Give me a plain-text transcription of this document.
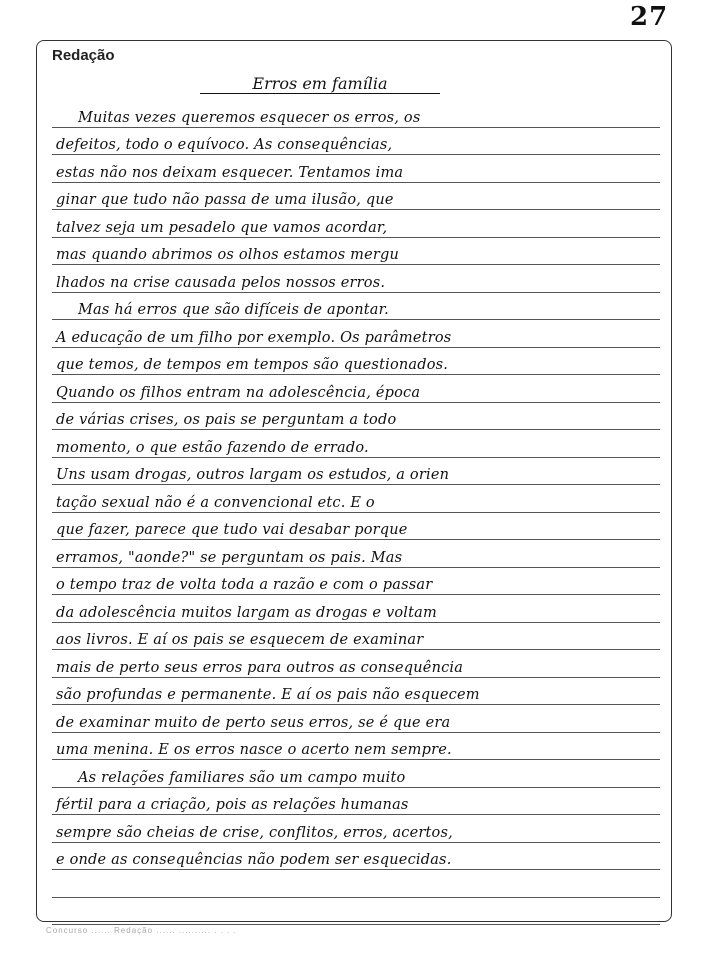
27
Redação
Erros em família
Muitas vezes queremos esquecer os erros, os
defeitos, todo o equívoco. As consequências,
estas não nos deixam esquecer. Tentamos ima
ginar que tudo não passa de uma ilusão, que
talvez seja um pesadelo que vamos acordar,
mas quando abrimos os olhos estamos mergu
lhados na crise causada pelos nossos erros.
Mas há erros que são difíceis de apontar.
A educação de um filho por exemplo. Os parâmetros
que temos, de tempos em tempos são questionados.
Quando os filhos entram na adolescência, época
de várias crises, os pais se perguntam a todo
momento, o que estão fazendo de errado.
Uns usam drogas, outros largam os estudos, a orien
tação sexual não é a convencional etc. E o
que fazer, parece que tudo vai desabar porque
erramos, "aonde?" se perguntam os pais. Mas
o tempo traz de volta toda a razão e com o passar
da adolescência muitos largam as drogas e voltam
aos livros. E aí os pais se esquecem de examinar
mais de perto seus erros para outros as consequência
são profundas e permanente. E aí os pais não esquecem
de examinar muito de perto seus erros, se é que era
uma menina. E os erros nasce o acerto nem sempre.
As relações familiares são um campo muito
fértil para a criação, pois as relações humanas
sempre são cheias de crise, conflitos, erros, acertos,
e onde as consequências não podem ser esquecidas.
Concurso ...... Redação ...... .......... . . . .
